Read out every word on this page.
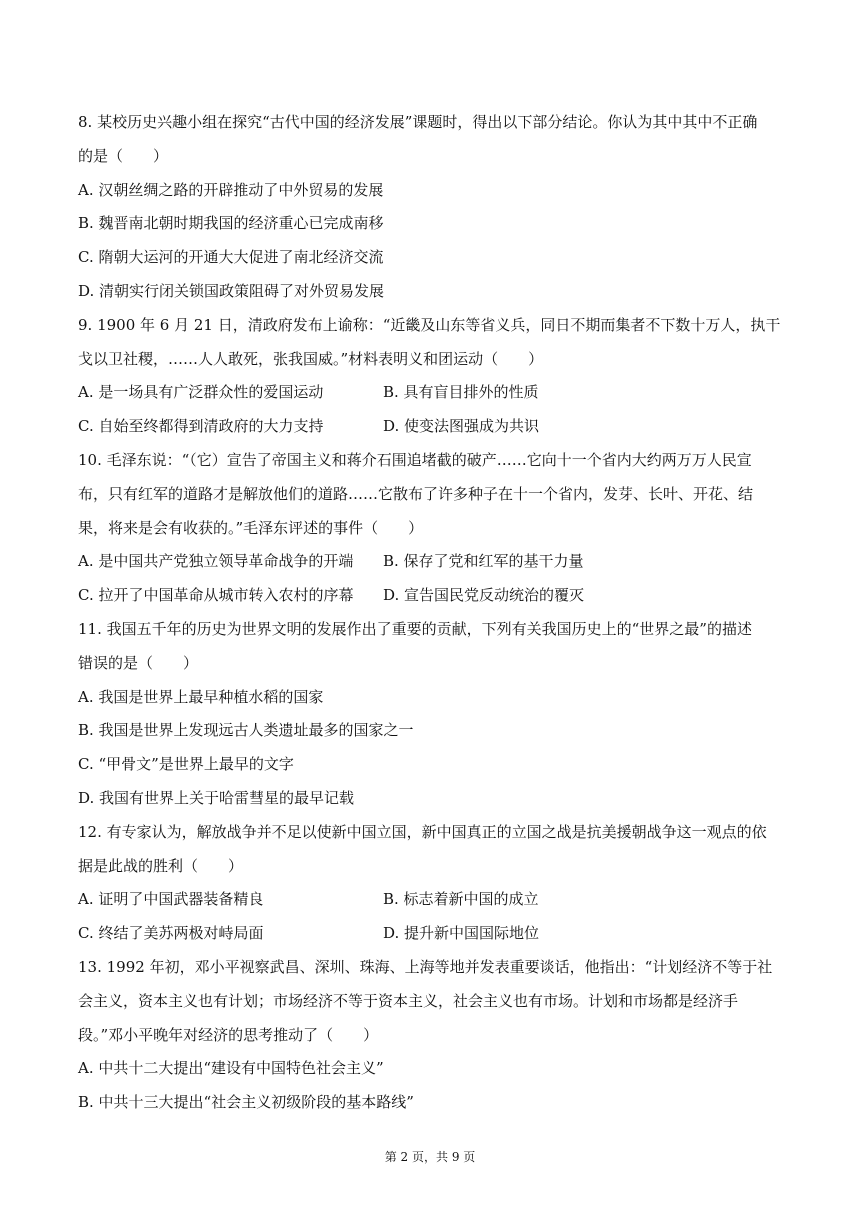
8. 某校历史兴趣小组在探究“古代中国的经济发展”课题时，得出以下部分结论。你认为其中其中不正确
的是（　　）
A. 汉朝丝绸之路的开辟推动了中外贸易的发展
B. 魏晋南北朝时期我国的经济重心已完成南移
C. 隋朝大运河的开通大大促进了南北经济交流
D. 清朝实行闭关锁国政策阻碍了对外贸易发展
9. 1900 年 6 月 21 日，清政府发布上谕称：“近畿及山东等省义兵，同日不期而集者不下数十万人，执干
戈以卫社稷，……人人敢死，张我国威。”材料表明义和团运动（　　）
A. 是一场具有广泛群众性的爱国运动	B. 具有盲目排外的性质
C. 自始至终都得到清政府的大力支持	D. 使变法图强成为共识
10. 毛泽东说：“（它）宣告了帝国主义和蒋介石围追堵截的破产……它向十一个省内大约两万万人民宣
布，只有红军的道路才是解放他们的道路……它散布了许多种子在十一个省内，发芽、长叶、开花、结
果，将来是会有收获的。”毛泽东评述的事件（　　）
A. 是中国共产党独立领导革命战争的开端	B. 保存了党和红军的基干力量
C. 拉开了中国革命从城市转入农村的序幕	D. 宣告国民党反动统治的覆灭
11. 我国五千年的历史为世界文明的发展作出了重要的贡献，下列有关我国历史上的“世界之最”的描述
错误的是（　　）
A. 我国是世界上最早种植水稻的国家
B. 我国是世界上发现远古人类遗址最多的国家之一
C. “甲骨文”是世界上最早的文字
D. 我国有世界上关于哈雷彗星的最早记载
12. 有专家认为，解放战争并不足以使新中国立国，新中国真正的立国之战是抗美援朝战争这一观点的依
据是此战的胜利（　　）
A. 证明了中国武器装备精良	B. 标志着新中国的成立
C. 终结了美苏两极对峙局面	D. 提升新中国国际地位
13. 1992 年初，邓小平视察武昌、深圳、珠海、上海等地并发表重要谈话，他指出：“计划经济不等于社
会主义，资本主义也有计划；市场经济不等于资本主义，社会主义也有市场。计划和市场都是经济手
段。”邓小平晚年对经济的思考推动了（　　）
A. 中共十二大提出“建设有中国特色社会主义”
B. 中共十三大提出“社会主义初级阶段的基本路线”
第 2 页，共 9 页
